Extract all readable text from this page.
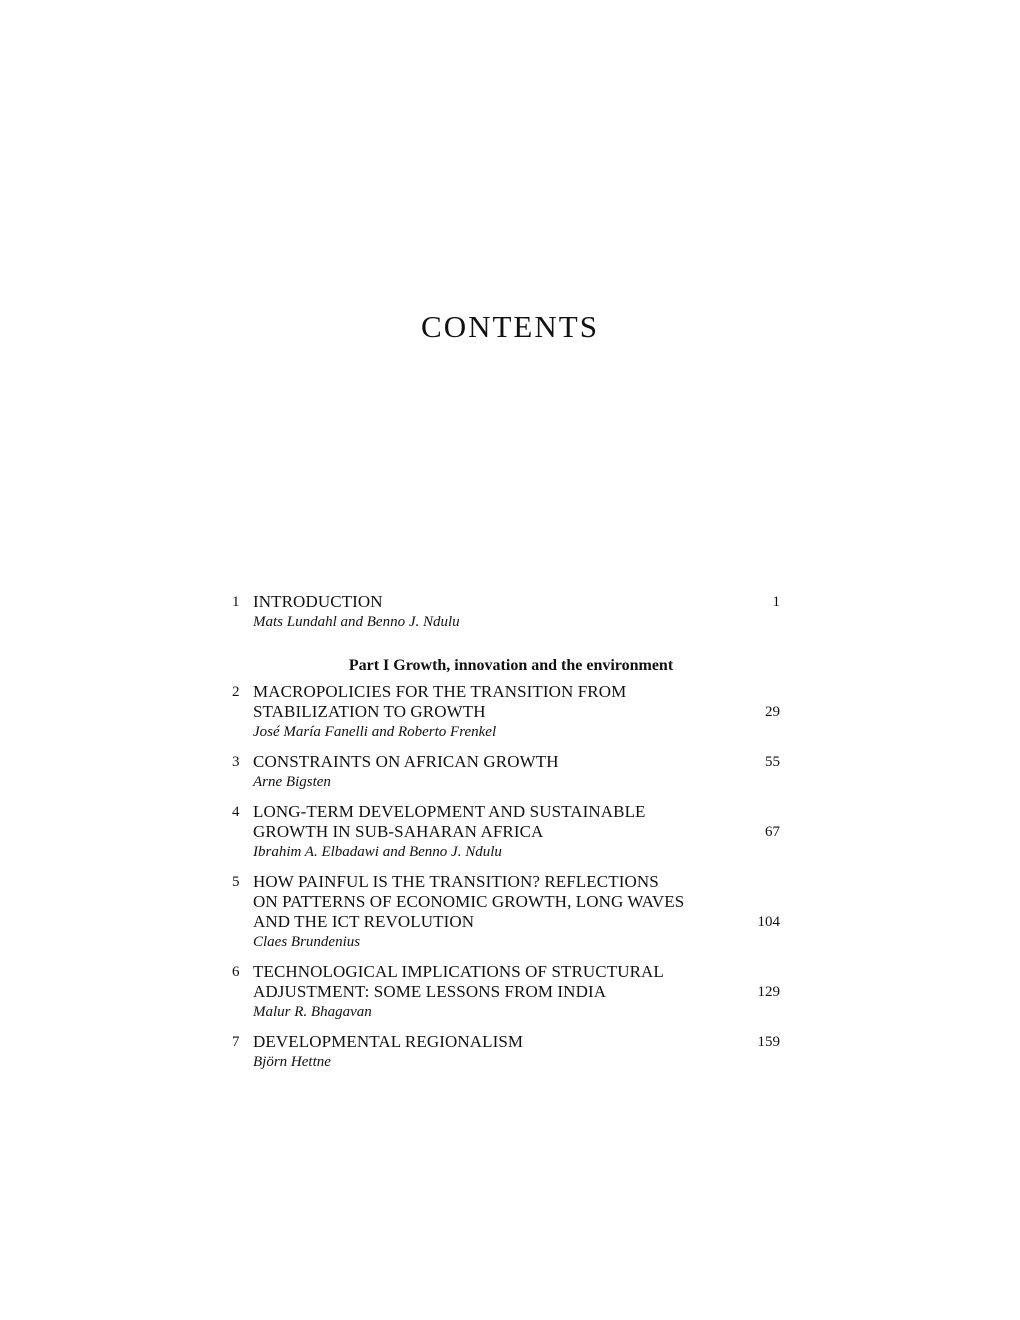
CONTENTS
1 INTRODUCTION
Mats Lundahl and Benno J. Ndulu
1
Part I Growth, innovation and the environment
2 MACROPOLICIES FOR THE TRANSITION FROM
STABILIZATION TO GROWTH
José María Fanelli and Roberto Frenkel
29
3 CONSTRAINTS ON AFRICAN GROWTH
Arne Bigsten
55
4 LONG-TERM DEVELOPMENT AND SUSTAINABLE
GROWTH IN SUB-SAHARAN AFRICA
Ibrahim A. Elbadawi and Benno J. Ndulu
67
5 HOW PAINFUL IS THE TRANSITION? REFLECTIONS
ON PATTERNS OF ECONOMIC GROWTH, LONG WAVES
AND THE ICT REVOLUTION
Claes Brundenius
104
6 TECHNOLOGICAL IMPLICATIONS OF STRUCTURAL
ADJUSTMENT: SOME LESSONS FROM INDIA
Malur R. Bhagavan
129
7 DEVELOPMENTAL REGIONALISM
Björn Hettne
159
